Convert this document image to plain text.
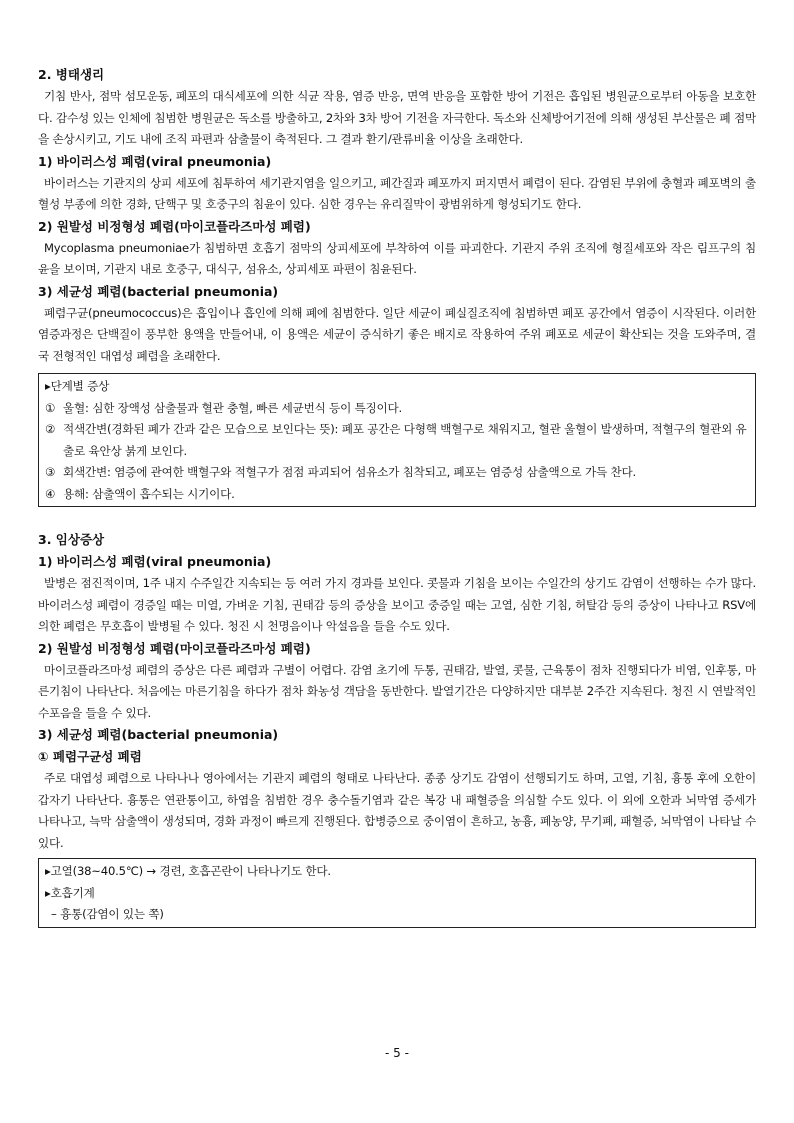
2. 병태생리
기침 반사, 점막 섬모운동, 폐포의 대식세포에 의한 식균 작용, 염증 반응, 면역 반응을 포함한 방어 기전은 흡입된 병원균으로부터 아동을 보호한다. 감수성 있는 인체에 침범한 병원균은 독소를 방출하고, 2차와 3차 방어 기전을 자극한다. 독소와 신체방어기전에 의해 생성된 부산물은 폐 점막을 손상시키고, 기도 내에 조직 파편과 삼출물이 축적된다. 그 결과 환기/관류비율 이상을 초래한다.
1) 바이러스성 폐렴(viral pneumonia)
바이러스는 기관지의 상피 세포에 침투하여 세기관지염을 일으키고, 폐간질과 폐포까지 퍼지면서 폐렴이 된다. 감염된 부위에 충혈과 폐포벽의 출혈성 부종에 의한 경화, 단핵구 및 호중구의 침윤이 있다. 심한 경우는 유리질막이 광범위하게 형성되기도 한다.
2) 원발성 비정형성 폐렴(마이코플라즈마성 폐렴)
Mycoplasma pneumoniae가 침범하면 호흡기 점막의 상피세포에 부착하여 이를 파괴한다. 기관지 주위 조직에 형질세포와 작은 림프구의 침윤을 보이며, 기관지 내로 호중구, 대식구, 섬유소, 상피세포 파편이 침윤된다.
3) 세균성 폐렴(bacterial pneumonia)
폐렴구균(pneumococcus)은 흡입이나 흡인에 의해 폐에 침범한다. 일단 세균이 폐실질조직에 침범하면 폐포 공간에서 염증이 시작된다. 이러한 염증과정은 단백질이 풍부한 용액을 만들어내, 이 용액은 세균이 증식하기 좋은 배지로 작용하여 주위 폐포로 세균이 확산되는 것을 도와주며, 결국 전형적인 대엽성 폐렴을 초래한다.
▸단계별 증상
① 울혈: 심한 장액성 삼출물과 혈관 충혈, 빠른 세균번식 등이 특징이다.
② 적색간변(경화된 폐가 간과 같은 모습으로 보인다는 뜻): 폐포 공간은 다형핵 백혈구로 채워지고, 혈관 울혈이 발생하며, 적혈구의 혈관외 유출로 육안상 붉게 보인다.
③ 회색간변: 염증에 관여한 백혈구와 적혈구가 점점 파괴되어 섬유소가 침착되고, 폐포는 염증성 삼출액으로 가득 찬다.
④ 용해: 삼출액이 흡수되는 시기이다.
3. 임상증상
1) 바이러스성 폐렴(viral pneumonia)
발병은 점진적이며, 1주 내지 수주일간 지속되는 등 여러 가지 경과를 보인다. 콧물과 기침을 보이는 수일간의 상기도 감염이 선행하는 수가 많다. 바이러스성 폐렴이 경증일 때는 미열, 가벼운 기침, 권태감 등의 증상을 보이고 중증일 때는 고열, 심한 기침, 허탈감 등의 증상이 나타나고 RSV에 의한 폐렴은 무호흡이 발병될 수 있다. 청진 시 천명음이나 악설음을 들을 수도 있다.
2) 원발성 비정형성 폐렴(마이코플라즈마성 폐렴)
마이코플라즈마성 폐렴의 증상은 다른 폐렴과 구별이 어렵다. 감염 초기에 두통, 권태감, 발열, 콧물, 근육통이 점차 진행되다가 비염, 인후통, 마른기침이 나타난다. 처음에는 마른기침을 하다가 점차 화농성 객담을 동반한다. 발열기간은 다양하지만 대부분 2주간 지속된다. 청진 시 연발적인 수포음을 들을 수 있다.
3) 세균성 폐렴(bacterial pneumonia)
① 폐렴구균성 폐렴
주로 대엽성 폐렴으로 나타나나 영아에서는 기관지 폐렴의 형태로 나타난다. 종종 상기도 감염이 선행되기도 하며, 고열, 기침, 흉통 후에 오한이 갑자기 나타난다. 흉통은 연관통이고, 하엽을 침범한 경우 충수돌기염과 같은 복강 내 패혈증을 의심할 수도 있다. 이 외에 오한과 뇌막염 증세가 나타나고, 늑막 삼출액이 생성되며, 경화 과정이 빠르게 진행된다. 합병증으로 중이염이 흔하고, 농흉, 폐농양, 무기폐, 패혈증, 뇌막염이 나타날 수 있다.
▸고열(38~40.5℃) → 경련, 호흡곤란이 나타나기도 한다.
▸호흡기계
– 흉통(감염이 있는 쪽)
- 5 -
